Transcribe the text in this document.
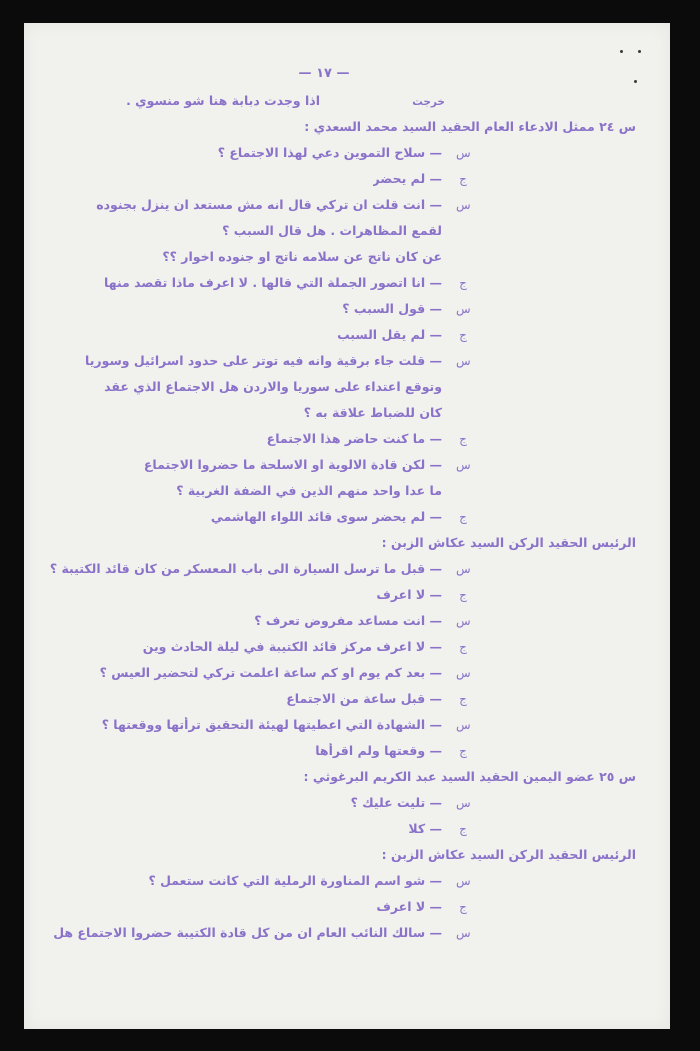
— ١٧ —
خرجت
اذا وجدت دبابة هنا شو منسوي .
س ٢٤ ممثل الادعاء العام الحقيد السيد محمد السعدي :
— سلاح التموين دعي لهذا الاجتماع ؟ س
— لم يحضر ج
— انت قلت ان تركي قال انه مش مستعد ان ينزل بجنوده س
لقمع المظاهرات . هل قال السبب ؟
عن كان ناتج عن سلامه ناتج او جنوده اخوار ؟؟
— انا اتصور الجملة التي قالها . لا اعرف ماذا تقصد منها ج
— قول السبب ؟ س
— لم يقل السبب ج
— قلت جاء برقية وانه فيه توتر على حدود اسرائيل وسوريا س
وتوقع اعتداء على سوريا والاردن هل الاجتماع الذي عقد
كان للضباط علاقة به ؟
— ما كنت حاضر هذا الاجتماع ج
— لكن قادة الالوية او الاسلحة ما حضروا الاجتماع س
ما عدا واحد منهم الذين في الضفة الغربية ؟
— لم يحضر سوى قائد اللواء الهاشمي ج
الرئيس الحقيد الركن السيد عكاش الزبن :
— قبل ما ترسل السيارة الى باب المعسكر من كان قائد الكتيبة ؟ س
— لا اعرف ج
— انت مساعد مفروض تعرف ؟ س
— لا اعرف مركز قائد الكتيبة في ليلة الحادث وين ج
— بعد كم يوم او كم ساعة اعلمت تركي لتحضير العيس ؟ س
— قبل ساعة من الاجتماع ج
— الشهادة التي اعطيتها لهيئة التحقيق ترأتها ووقعتها ؟ س
— وقعتها ولم اقرأها ج
س ٢٥ عضو اليمين الحقيد السيد عبد الكريم البرغوثي :
— تليت عليك ؟ س
— كلا ج
الرئيس الحقيد الركن السيد عكاش الزبن :
— شو اسم المناورة الرملية التي كانت ستعمل ؟ س
— لا اعرف ج
— سالك النائب العام ان من كل قادة الكتيبة حضروا الاجتماع هل س
